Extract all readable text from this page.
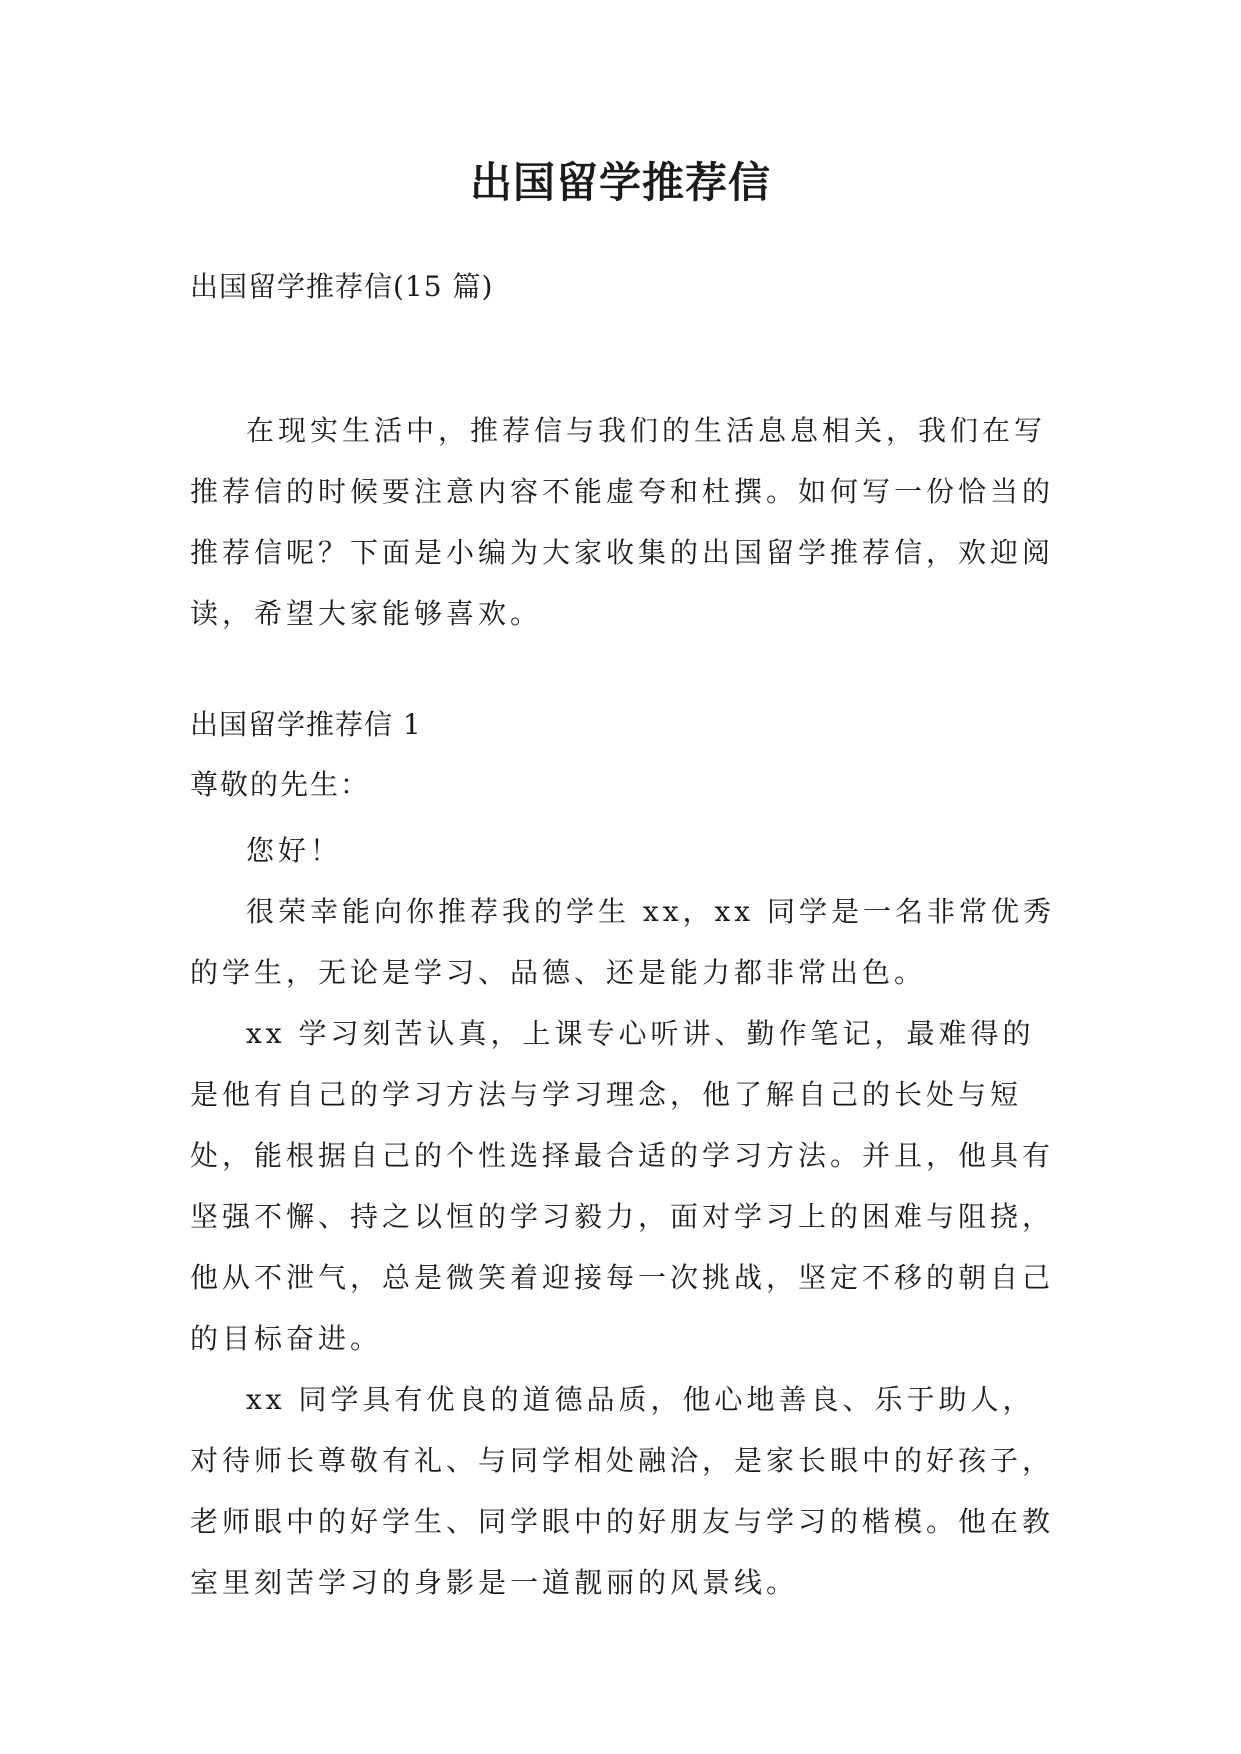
出国留学推荐信
出国留学推荐信(15 篇)

在现实生活中，推荐信与我们的生活息息相关，我们在写推荐信的时候要注意内容不能虚夸和杜撰。如何写一份恰当的推荐信呢？下面是小编为大家收集的出国留学推荐信，欢迎阅读，希望大家能够喜欢。

出国留学推荐信 1
尊敬的先生：

您好！

很荣幸能向你推荐我的学生 xx，xx 同学是一名非常优秀的学生，无论是学习、品德、还是能力都非常出色。

xx 学习刻苦认真，上课专心听讲、勤作笔记，最难得的是他有自己的学习方法与学习理念，他了解自己的长处与短处，能根据自己的个性选择最合适的学习方法。并且，他具有坚强不懈、持之以恒的学习毅力，面对学习上的困难与阻挠，他从不泄气，总是微笑着迎接每一次挑战，坚定不移的朝自己的目标奋进。

xx 同学具有优良的道德品质，他心地善良、乐于助人，对待师长尊敬有礼、与同学相处融洽，是家长眼中的好孩子，老师眼中的好学生、同学眼中的好朋友与学习的楷模。他在教室里刻苦学习的身影是一道靓丽的风景线。
